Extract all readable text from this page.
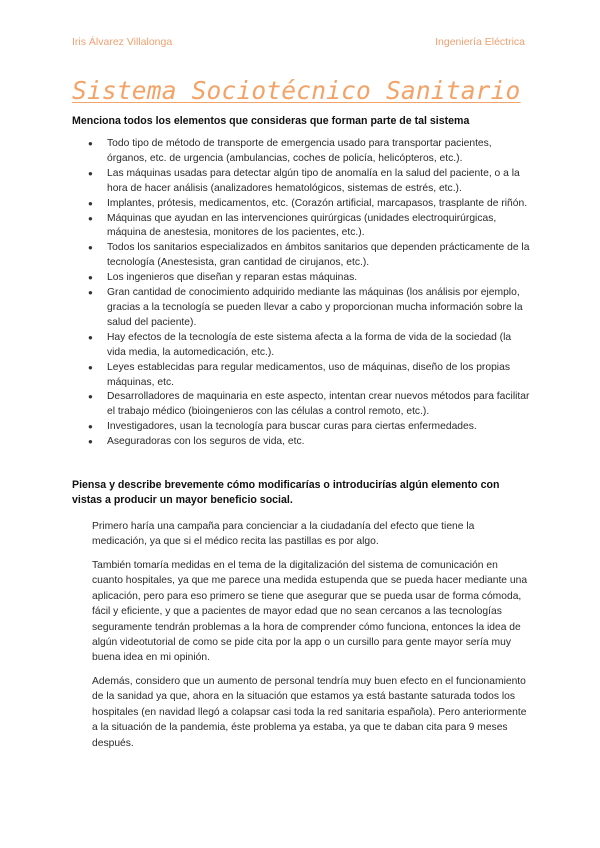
Iris Álvarez Villalonga	Ingeniería Eléctrica
Sistema Sociotécnico Sanitario
Menciona todos los elementos que consideras que forman parte de tal sistema
● Todo tipo de método de transporte de emergencia usado para transportar pacientes, órganos, etc. de urgencia (ambulancias, coches de policía, helicópteros, etc.).
● Las máquinas usadas para detectar algún tipo de anomalía en la salud del paciente, o a la hora de hacer análisis (analizadores hematológicos, sistemas de estrés, etc.).
● Implantes, prótesis, medicamentos, etc. (Corazón artificial, marcapasos, trasplante de riñón.
● Máquinas que ayudan en las intervenciones quirúrgicas (unidades electroquirúrgicas, máquina de anestesia, monitores de los pacientes, etc.).
● Todos los sanitarios especializados en ámbitos sanitarios que dependen prácticamente de la tecnología (Anestesista, gran cantidad de cirujanos, etc.).
● Los ingenieros que diseñan y reparan estas máquinas.
● Gran cantidad de conocimiento adquirido mediante las máquinas (los análisis por ejemplo, gracias a la tecnología se pueden llevar a cabo y proporcionan mucha información sobre la salud del paciente).
● Hay efectos de la tecnología de este sistema afecta a la forma de vida de la sociedad (la vida media, la automedicación, etc.).
● Leyes establecidas para regular medicamentos, uso de máquinas, diseño de los propias máquinas, etc.
● Desarrolladores de maquinaria en este aspecto, intentan crear nuevos métodos para facilitar el trabajo médico (bioingenieros con las células a control remoto, etc.).
● Investigadores, usan la tecnología para buscar curas para ciertas enfermedades.
● Aseguradoras con los seguros de vida, etc.
Piensa y describe brevemente cómo modificarías o introducirías algún elemento con vistas a producir un mayor beneficio social.

Primero haría una campaña para concienciar a la ciudadanía del efecto que tiene la medicación, ya que si el médico recita las pastillas es por algo.

También tomaría medidas en el tema de la digitalización del sistema de comunicación en cuanto hospitales, ya que me parece una medida estupenda que se pueda hacer mediante una aplicación, pero para eso primero se tiene que asegurar que se pueda usar de forma cómoda, fácil y eficiente, y que a pacientes de mayor edad que no sean cercanos a las tecnologías seguramente tendrán problemas a la hora de comprender cómo funciona, entonces la idea de algún videotutorial de como se pide cita por la app o un cursillo para gente mayor sería muy buena idea en mi opinión.

Además, considero que un aumento de personal tendría muy buen efecto en el funcionamiento de la sanidad ya que, ahora en la situación que estamos ya está bastante saturada todos los hospitales (en navidad llegó a colapsar casi toda la red sanitaria española). Pero anteriormente a la situación de la pandemia, éste problema ya estaba, ya que te daban cita para 9 meses después.
